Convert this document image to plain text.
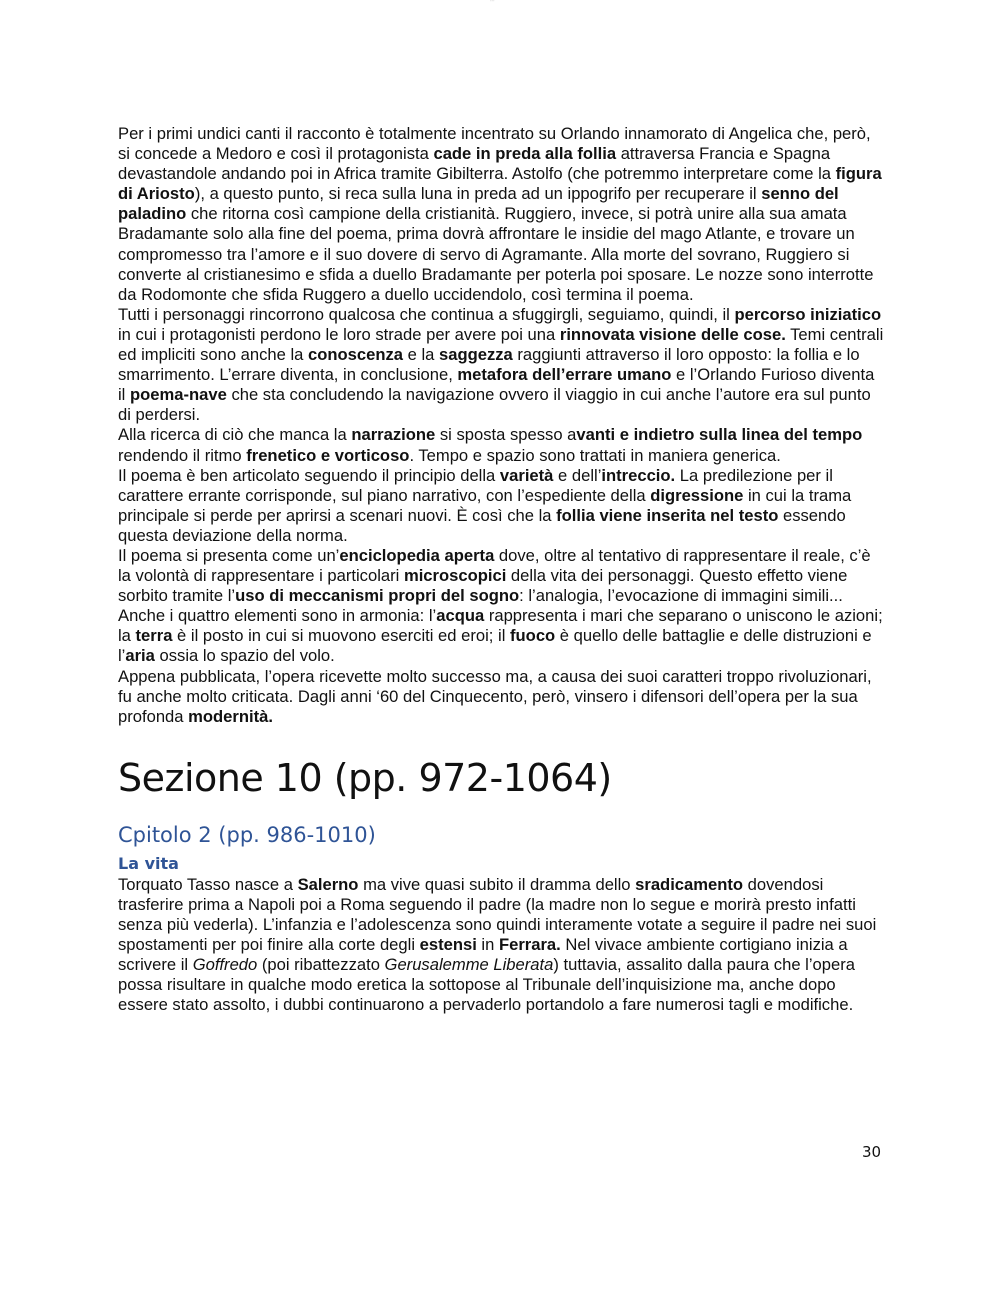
⁃⁃⁃

Per i primi undici canti il racconto è totalmente incentrato su Orlando innamorato di Angelica che, però, si concede a Medoro e così il protagonista cade in preda alla follia attraversa Francia e Spagna devastandole andando poi in Africa tramite Gibilterra. Astolfo (che potremmo interpretare come la figura di Ariosto), a questo punto, si reca sulla luna in preda ad un ippogrifo per recuperare il senno del paladino che ritorna così campione della cristianità. Ruggiero, invece, si potrà unire alla sua amata Bradamante solo alla fine del poema, prima dovrà affrontare le insidie del mago Atlante, e trovare un compromesso tra l’amore e il suo dovere di servo di Agramante. Alla morte del sovrano, Ruggiero si converte al cristianesimo e sfida a duello Bradamante per poterla poi sposare. Le nozze sono interrotte da Rodomonte che sfida Ruggero a duello uccidendolo, così termina il poema.

Tutti i personaggi rincorrono qualcosa che continua a sfuggirgli, seguiamo, quindi, il percorso iniziatico in cui i protagonisti perdono le loro strade per avere poi una rinnovata visione delle cose. Temi centrali ed impliciti sono anche la conoscenza e la saggezza raggiunti attraverso il loro opposto: la follia e lo smarrimento. L’errare diventa, in conclusione, metafora dell’errare umano e l’Orlando Furioso diventa il poema-nave che sta concludendo la navigazione ovvero il viaggio in cui anche l’autore era sul punto di perdersi.

Alla ricerca di ciò che manca la narrazione si sposta spesso avanti e indietro sulla linea del tempo rendendo il ritmo frenetico e vorticoso. Tempo e spazio sono trattati in maniera generica.

Il poema è ben articolato seguendo il principio della varietà e dell’intreccio. La predilezione per il carattere errante corrisponde, sul piano narrativo, con l’espediente della digressione in cui la trama principale si perde per aprirsi a scenari nuovi. È così che la follia viene inserita nel testo essendo questa deviazione della norma.

Il poema si presenta come un’enciclopedia aperta dove, oltre al tentativo di rappresentare il reale, c’è la volontà di rappresentare i particolari microscopici della vita dei personaggi. Questo effetto viene sorbito tramite l’uso di meccanismi propri del sogno: l’analogia, l’evocazione di immagini simili... Anche i quattro elementi sono in armonia: l’acqua rappresenta i mari che separano o uniscono le azioni; la terra è il posto in cui si muovono eserciti ed eroi; il fuoco è quello delle battaglie e delle distruzioni e l’aria ossia lo spazio del volo.

Appena pubblicata, l’opera ricevette molto successo ma, a causa dei suoi caratteri troppo rivoluzionari, fu anche molto criticata. Dagli anni ‘60 del Cinquecento, però, vinsero i difensori dell’opera per la sua profonda modernità.

Sezione 10 (pp. 972-1064)
Cpitolo 2 (pp. 986-1010)
La vita

Torquato Tasso nasce a Salerno ma vive quasi subito il dramma dello sradicamento dovendosi trasferire prima a Napoli poi a Roma seguendo il padre (la madre non lo segue e morirà presto infatti senza più vederla). L’infanzia e l’adolescenza sono quindi interamente votate a seguire il padre nei suoi spostamenti per poi finire alla corte degli estensi in Ferrara. Nel vivace ambiente cortigiano inizia a scrivere il Goffredo (poi ribattezzato Gerusalemme Liberata) tuttavia, assalito dalla paura che l’opera possa risultare in qualche modo eretica la sottopose al Tribunale dell’inquisizione ma, anche dopo essere stato assolto, i dubbi continuarono a pervaderlo portandolo a fare numerosi tagli e modifiche.

30
